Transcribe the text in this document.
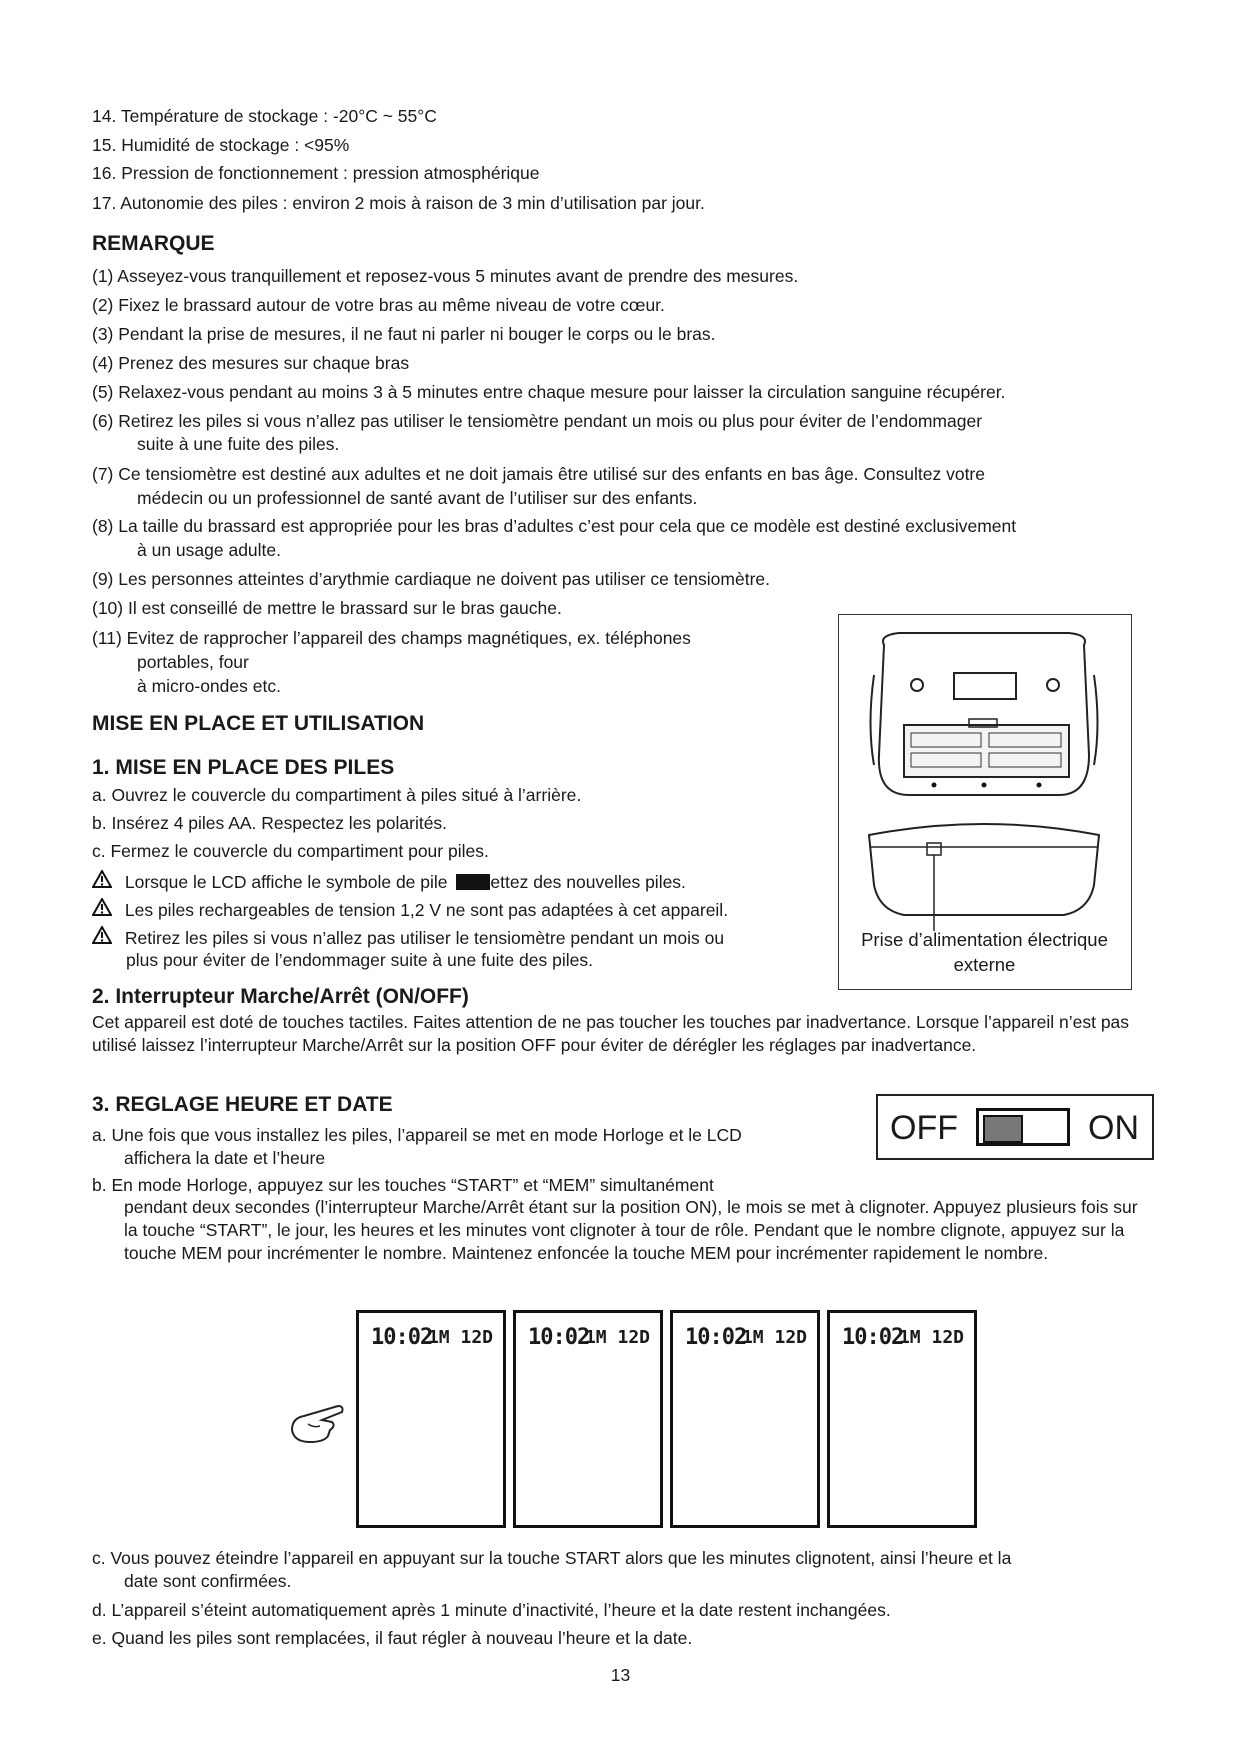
14. Température de stockage : -20°C ~ 55°C
15. Humidité de stockage : <95%
16. Pression de fonctionnement : pression atmosphérique
17. Autonomie des piles : environ 2 mois à raison de 3 min d’utilisation par jour.
REMARQUE
(1) Asseyez-vous tranquillement et reposez-vous 5 minutes avant de prendre des mesures.
(2) Fixez le brassard autour de votre bras au même niveau de votre cœur.
(3) Pendant la prise de mesures, il ne faut ni parler ni bouger le corps ou le bras.
(4) Prenez des mesures sur chaque bras
(5) Relaxez-vous pendant au moins 3 à 5 minutes entre chaque mesure pour laisser la circulation sanguine récupérer.
(6) Retirez les piles si vous n’allez pas utiliser le tensiomètre pendant un mois ou plus pour éviter de l’endommager
suite à une fuite des piles.
(7) Ce tensiomètre est destiné aux adultes et ne doit jamais être utilisé sur des enfants en bas âge. Consultez votre
médecin ou un professionnel de santé avant de l’utiliser sur des enfants.
(8) La taille du brassard est appropriée pour les bras d’adultes c’est pour cela que ce modèle est destiné exclusivement
à un usage adulte.
(9) Les personnes atteintes d’arythmie cardiaque ne doivent pas utiliser ce tensiomètre.
(10) Il est conseillé de mettre le brassard sur le bras gauche.
(11) Evitez de rapprocher l’appareil des champs magnétiques, ex. téléphones
portables, four
à micro-ondes etc.
MISE EN PLACE ET UTILISATION
1. MISE EN PLACE DES PILES
a. Ouvrez le couvercle du compartiment à piles situé à l’arrière.
b. Insérez 4 piles AA. Respectez les polarités.
c. Fermez le couvercle du compartiment pour piles.
Lorsque le LCD affiche le symbole de pile ettez des nouvelles piles.
Les piles rechargeables de tension 1,2 V ne sont pas adaptées à cet appareil.
Retirez les piles si vous n’allez pas utiliser le tensiomètre pendant un mois ou
plus pour éviter de l’endommager suite à une fuite des piles.
Prise d’alimentation électrique
externe
2. Interrupteur Marche/Arrêt (ON/OFF)
Cet appareil est doté de touches tactiles. Faites attention de ne pas toucher les touches par inadvertance. Lorsque l’appareil n’est pas utilisé laissez l’interrupteur Marche/Arrêt sur la position OFF pour éviter de dérégler les réglages par inadvertance.
3. REGLAGE HEURE ET DATE
OFF	ON
a. Une fois que vous installez les piles, l’appareil se met en mode Horloge et le LCD
affichera la date et l’heure
b. En mode Horloge, appuyez sur les touches “START” et “MEM” simultanément
pendant deux secondes (l’interrupteur Marche/Arrêt étant sur la position ON), le mois se met à clignoter. Appuyez plusieurs fois sur la touche “START”, le jour, les heures et les minutes vont clignoter à tour de rôle. Pendant que le nombre clignote, appuyez sur la touche MEM pour incrémenter le nombre. Maintenez enfoncée la touche MEM pour incrémenter rapidement le nombre.
10:02
1M 12D 10:02
1M 12D 10:02
1M 12D 10:02
1M 12D
c. Vous pouvez éteindre l’appareil en appuyant sur la touche START alors que les minutes clignotent, ainsi l’heure et la
date sont confirmées.
d. L’appareil s’éteint automatiquement après 1 minute d’inactivité, l’heure et la date restent inchangées.
e. Quand les piles sont remplacées, il faut régler à nouveau l’heure et la date.
13
